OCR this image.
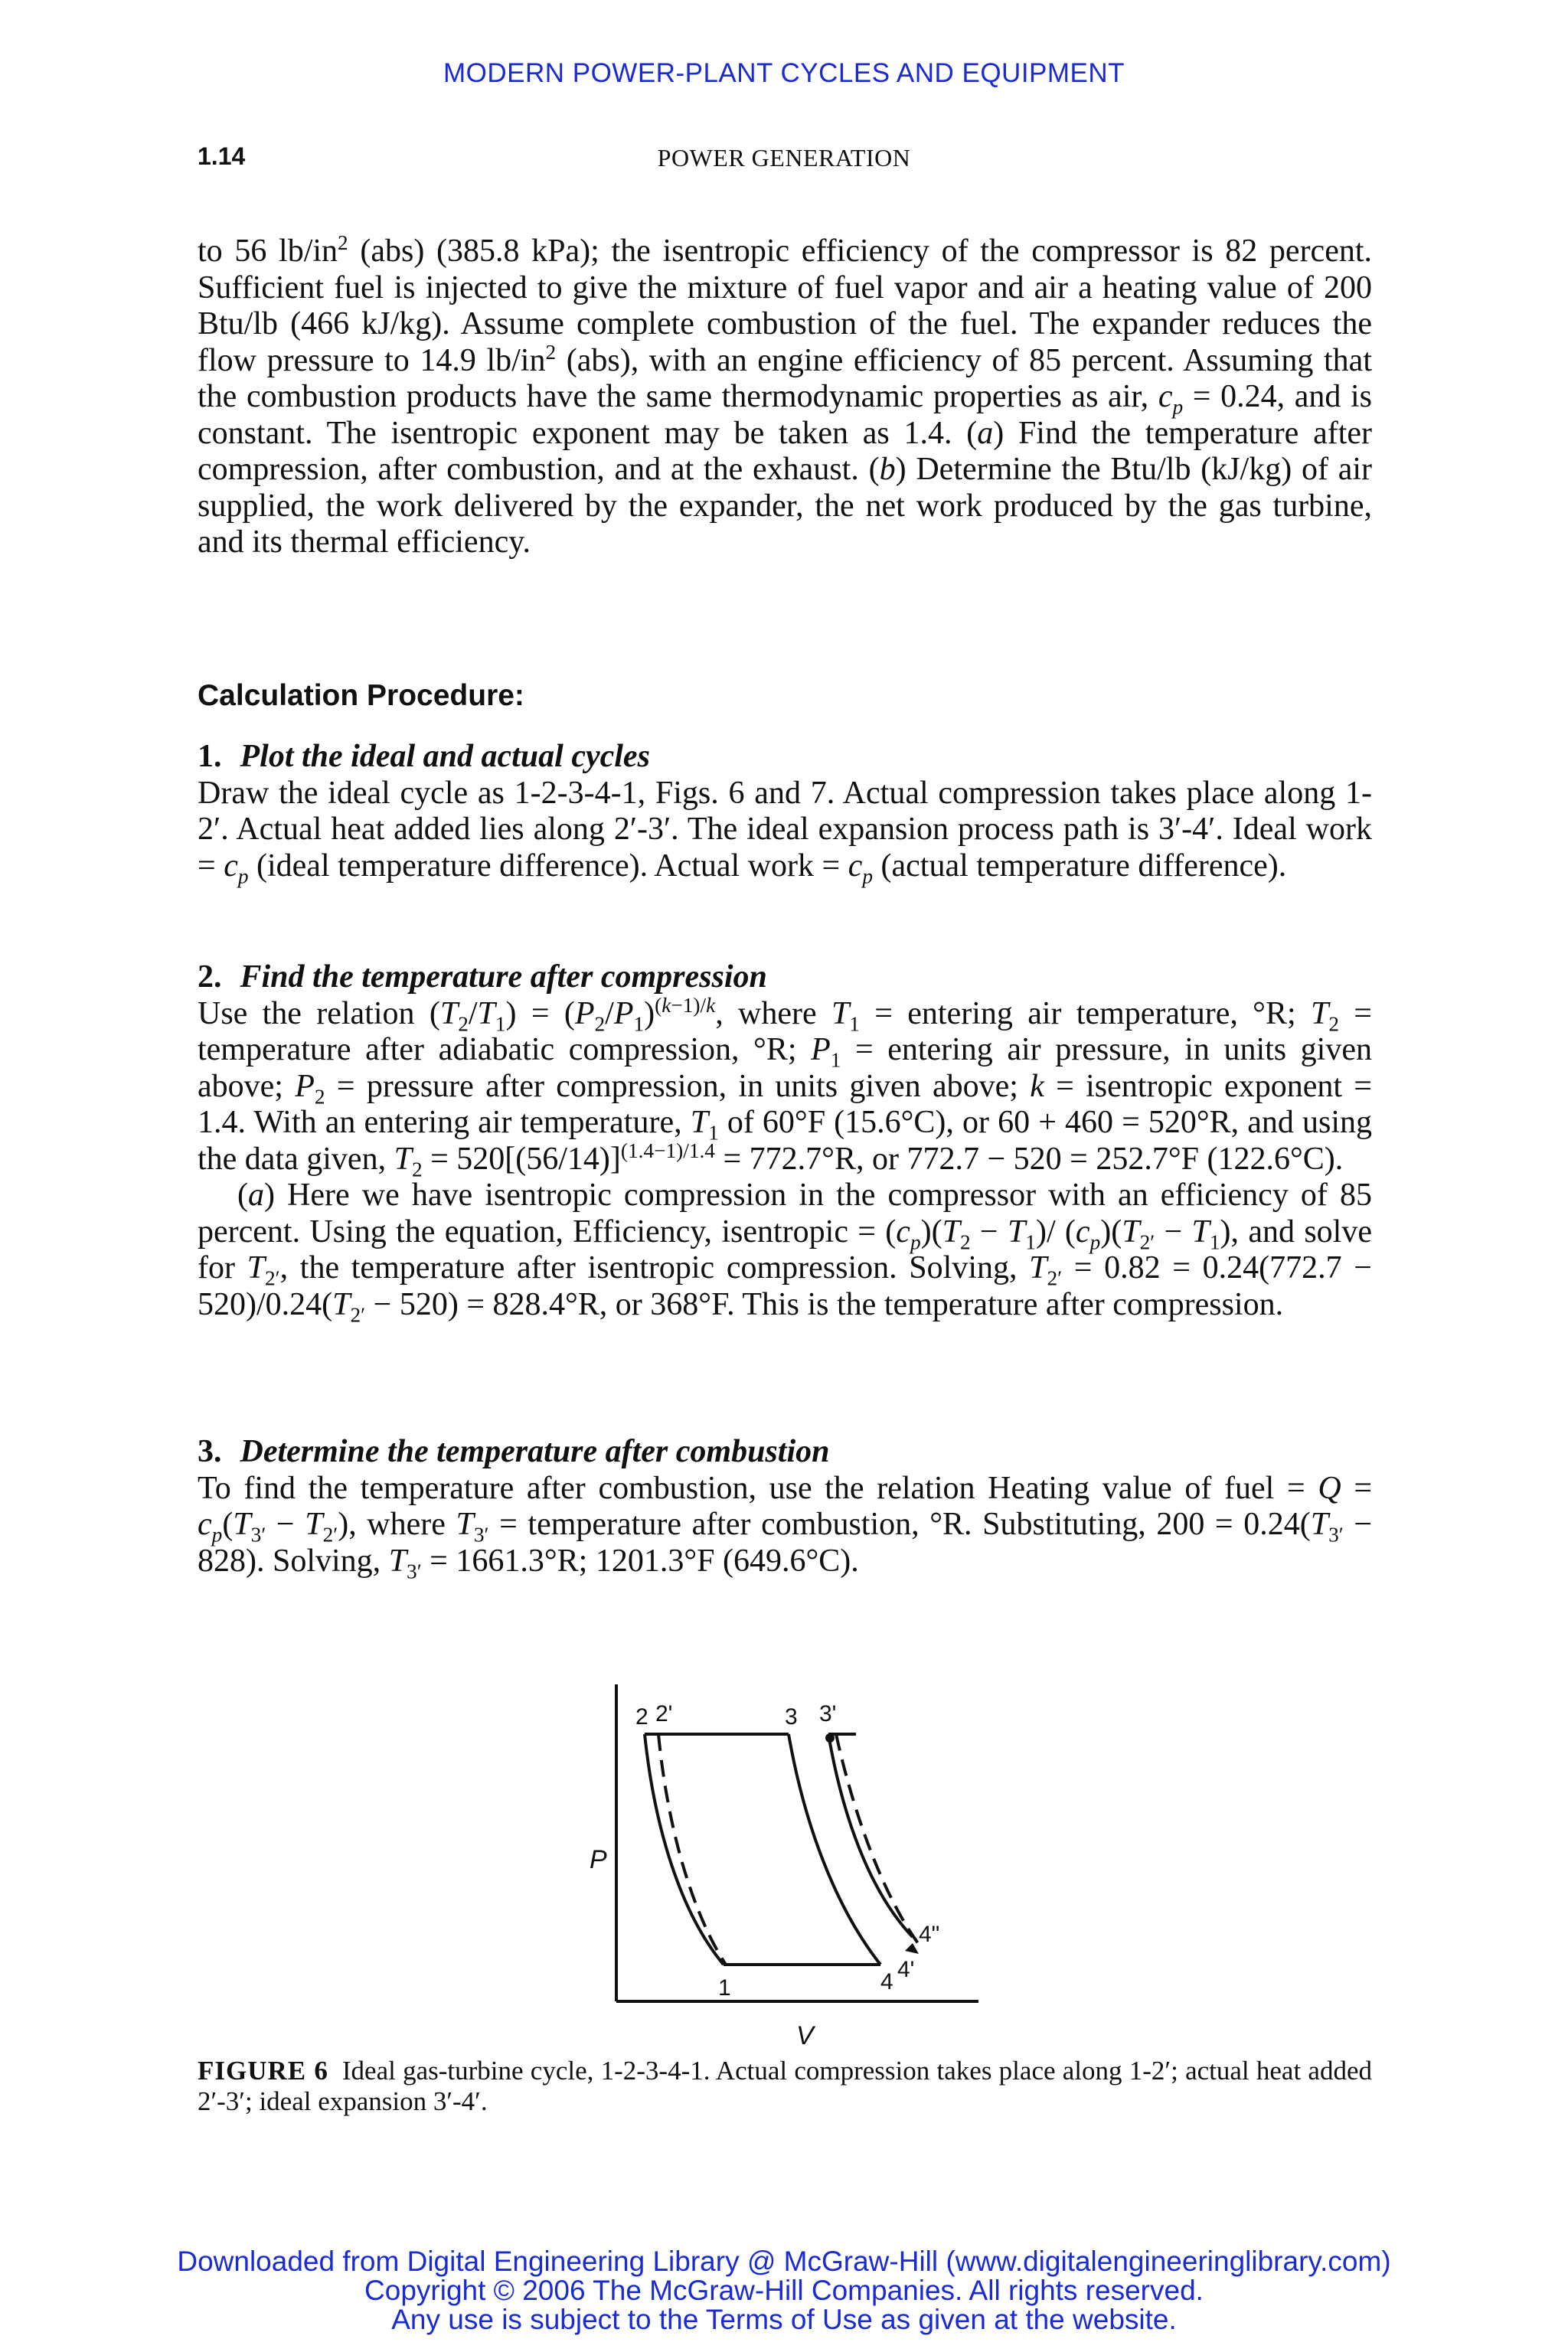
MODERN POWER-PLANT CYCLES AND EQUIPMENT
1.14	POWER GENERATION

to 56 $lb/in^2$ (abs) (385.8 kPa); the isentropic efficiency of the compressor is 82 percent. Sufficient fuel is injected to give the mixture of fuel vapor and air a heating value of 200 Btu/lb (466 kJ/kg). Assume complete combustion of the fuel. The expander reduces the flow pressure to 14.9 $lb/in^2$ (abs), with an engine efficiency of 85 percent. Assuming that the combustion products have the same thermodynamic properties as air, $c_p = 0.24$, and is constant. The isentropic exponent may be taken as 1.4. (a) Find the temperature after compression, after combustion, and at the exhaust. (b) Determine the Btu/lb (kJ/kg) of air supplied, the work delivered by the expander, the net work produced by the gas turbine, and its thermal efficiency.

Calculation Procedure:

1. Plot the ideal and actual cycles

Draw the ideal cycle as 1-2-3-4-1, Figs. 6 and 7. Actual compression takes place along 1-2′. Actual heat added lies along 2′-3′. The ideal expansion process path is 3′-4′. Ideal work = $c_p$ (ideal temperature difference). Actual work = $c_p$ (actual temperature difference).

2. Find the temperature after compression

Use the relation $(T_2/T_1) = (P_2/P_1)^{(k-1)/k}$, where $T_1$ = entering air temperature, °R; $T_2$ = temperature after adiabatic compression, °R; $P_1$ = entering air pressure, in units given above; $P_2$ = pressure after compression, in units given above; k = isentropic exponent = 1.4. With an entering air temperature, $T_1$ of 60°F (15.6°C), or 60 + 460 = 520°R, and using the data given, $T_2 = 520[(56/14)]^{(1.4-1)/1.4} = 772.7^\circ R$, or 772.7 − 520 = 252.7°F (122.6°C).

(a) Here we have isentropic compression in the compressor with an efficiency of 85 percent. Using the equation, Efficiency, isentropic = $(c_p)(T_2 - T_1)/$ $(c_p)(T_{2'} - T_1)$, and solve for $T_{2'}$, the temperature after isentropic compression. Solving, $T_{2'} = 0.82 = 0.24(772.7 - 520)/0.24(T_{2'} - 520) = 828.4^\circ R$, or 368°F. This is the temperature after compression.

3. Determine the temperature after combustion

To find the temperature after combustion, use the relation Heating value of fuel = $Q = c_p(T_{3'} - T_{2'})$, where $T_{3'}$ = temperature after combustion, °R. Substituting, $200 = 0.24(T_{3'} - 828)$. Solving, $T_{3'} = 1661.3^\circ R$; 1201.3°F (649.6°C).

2 2'	3 3'
1	4 4'
4"
P
V
FIGURE 6 Ideal gas-turbine cycle, 1-2-3-4-1. Actual compression takes place along 1-2′; actual heat added 2′-3′; ideal expansion 3′-4′.
Downloaded from Digital Engineering Library @ McGraw-Hill (www.digitalengineeringlibrary.com)
Copyright © 2006 The McGraw-Hill Companies. All rights reserved.
Any use is subject to the Terms of Use as given at the website.
